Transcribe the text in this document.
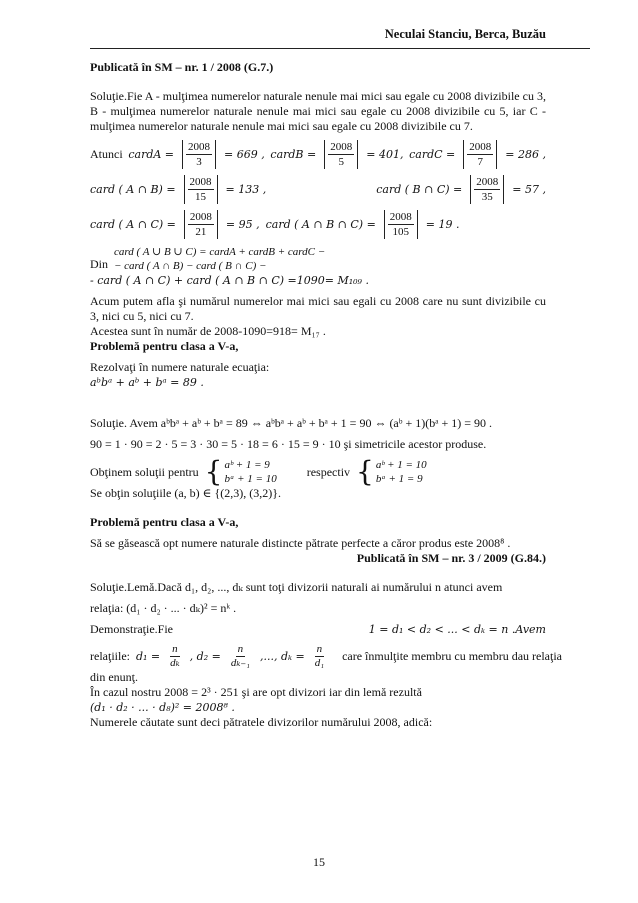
Neculai Stanciu, Berca, Buzău

Publicată în SM – nr. 1 / 2008 (G.7.)

Soluţie.Fie A - mulţimea numerelor naturale nenule mai mici sau egale cu 2008 divizibile cu 3, B - mulţimea numerelor naturale nenule mai mici sau egale cu 2008 divizibile cu 5, iar C - mulţimea numerelor naturale nenule mai mici sau egale cu 2008 divizibile cu 7.

Atunci cardA = $\frac{2008}{3} = 669$ , cardB = $\frac{2008}{5} = 401$, cardC = $\frac{2008}{7} = 286$ ,
card ( A ∩ $B) = \frac{2008}{15} = 133$ ,	card ( B ∩ $C) = \frac{2008}{35} = 57$ ,
card ( A ∩ $C) = \frac{2008}{21} = 95$ , card ( A ∩ B ∩ $C) = \frac{2008}{105} = 19$ .
Din
card ( A ∪ B ∪ C) = cardA + cardB + cardC −
− card ( A ∩ B) − card ( B ∩ C) −

- card ( A ∩ C) + card ( A ∩ B ∩ C) =1090= M₁₀₉ .

Acum putem afla şi numărul numerelor mai mici sau egali cu 2008 care nu sunt divizibile cu 3, nici cu 5, nici cu 7.

Acestea sunt în număr de 2008-1090=918= M₁₇ .

Problemă pentru clasa a V-a,

Rezolvaţi în numere naturale ecuaţia:

aᵇbᵃ + aᵇ + bᵃ = 89 .

Soluţie. Avem aᵇbᵃ + aᵇ + bᵃ = 89 ⇔ aᵇbᵃ + aᵇ + bᵃ + 1 = 90 ⇔ (aᵇ + 1)(bᵃ + 1) = 90 .

90 = 1 · 90 = 2 · 5 = 3 · 30 = 5 · 18 = 6 · 15 = 9 · 10 şi simetricile acestor produse.

Obţinem soluţii pentru { aᵇ + 1 = 9
bᵃ + 1 = 10
respectiv { aᵇ + 1 = 10
bᵃ + 1 = 9

Se obţin soluţiile (a, b) ∈ {(2,3), (3,2)}.

Problemă pentru clasa a V-a,

Să se găsească opt numere naturale distincte pătrate perfecte a căror produs este 2008⁸ .

Publicată în SM – nr. 3 / 2009 (G.84.)

Soluţie.Lemă.Dacă d₁, d₂, ..., dₖ sunt toţi divizorii naturali ai numărului n atunci avem

relaţia: (d₁ · d₂ · ... · dₖ)² = nᵏ .

Demonstraţie.Fie	1 = d₁ < d₂ < ... < dₖ = n .Avem
relaţiile: $d_1 = \frac{n}{\text{dₖ}}$ , $d_2 = \frac{n}{\text{dₖ₋₁}}$ ,..., $d_k = \frac{n}{\text{d₁}}$ care înmulţite membru cu membru dau relaţia

din enunţ.

În cazul nostru 2008 = 2³ · 251 şi are opt divizori iar din lemă rezultă

(d₁ · d₂ · ... · d₈)² = 2008⁸ .

Numerele căutate sunt deci pătratele divizorilor numărului 2008, adică:

15
